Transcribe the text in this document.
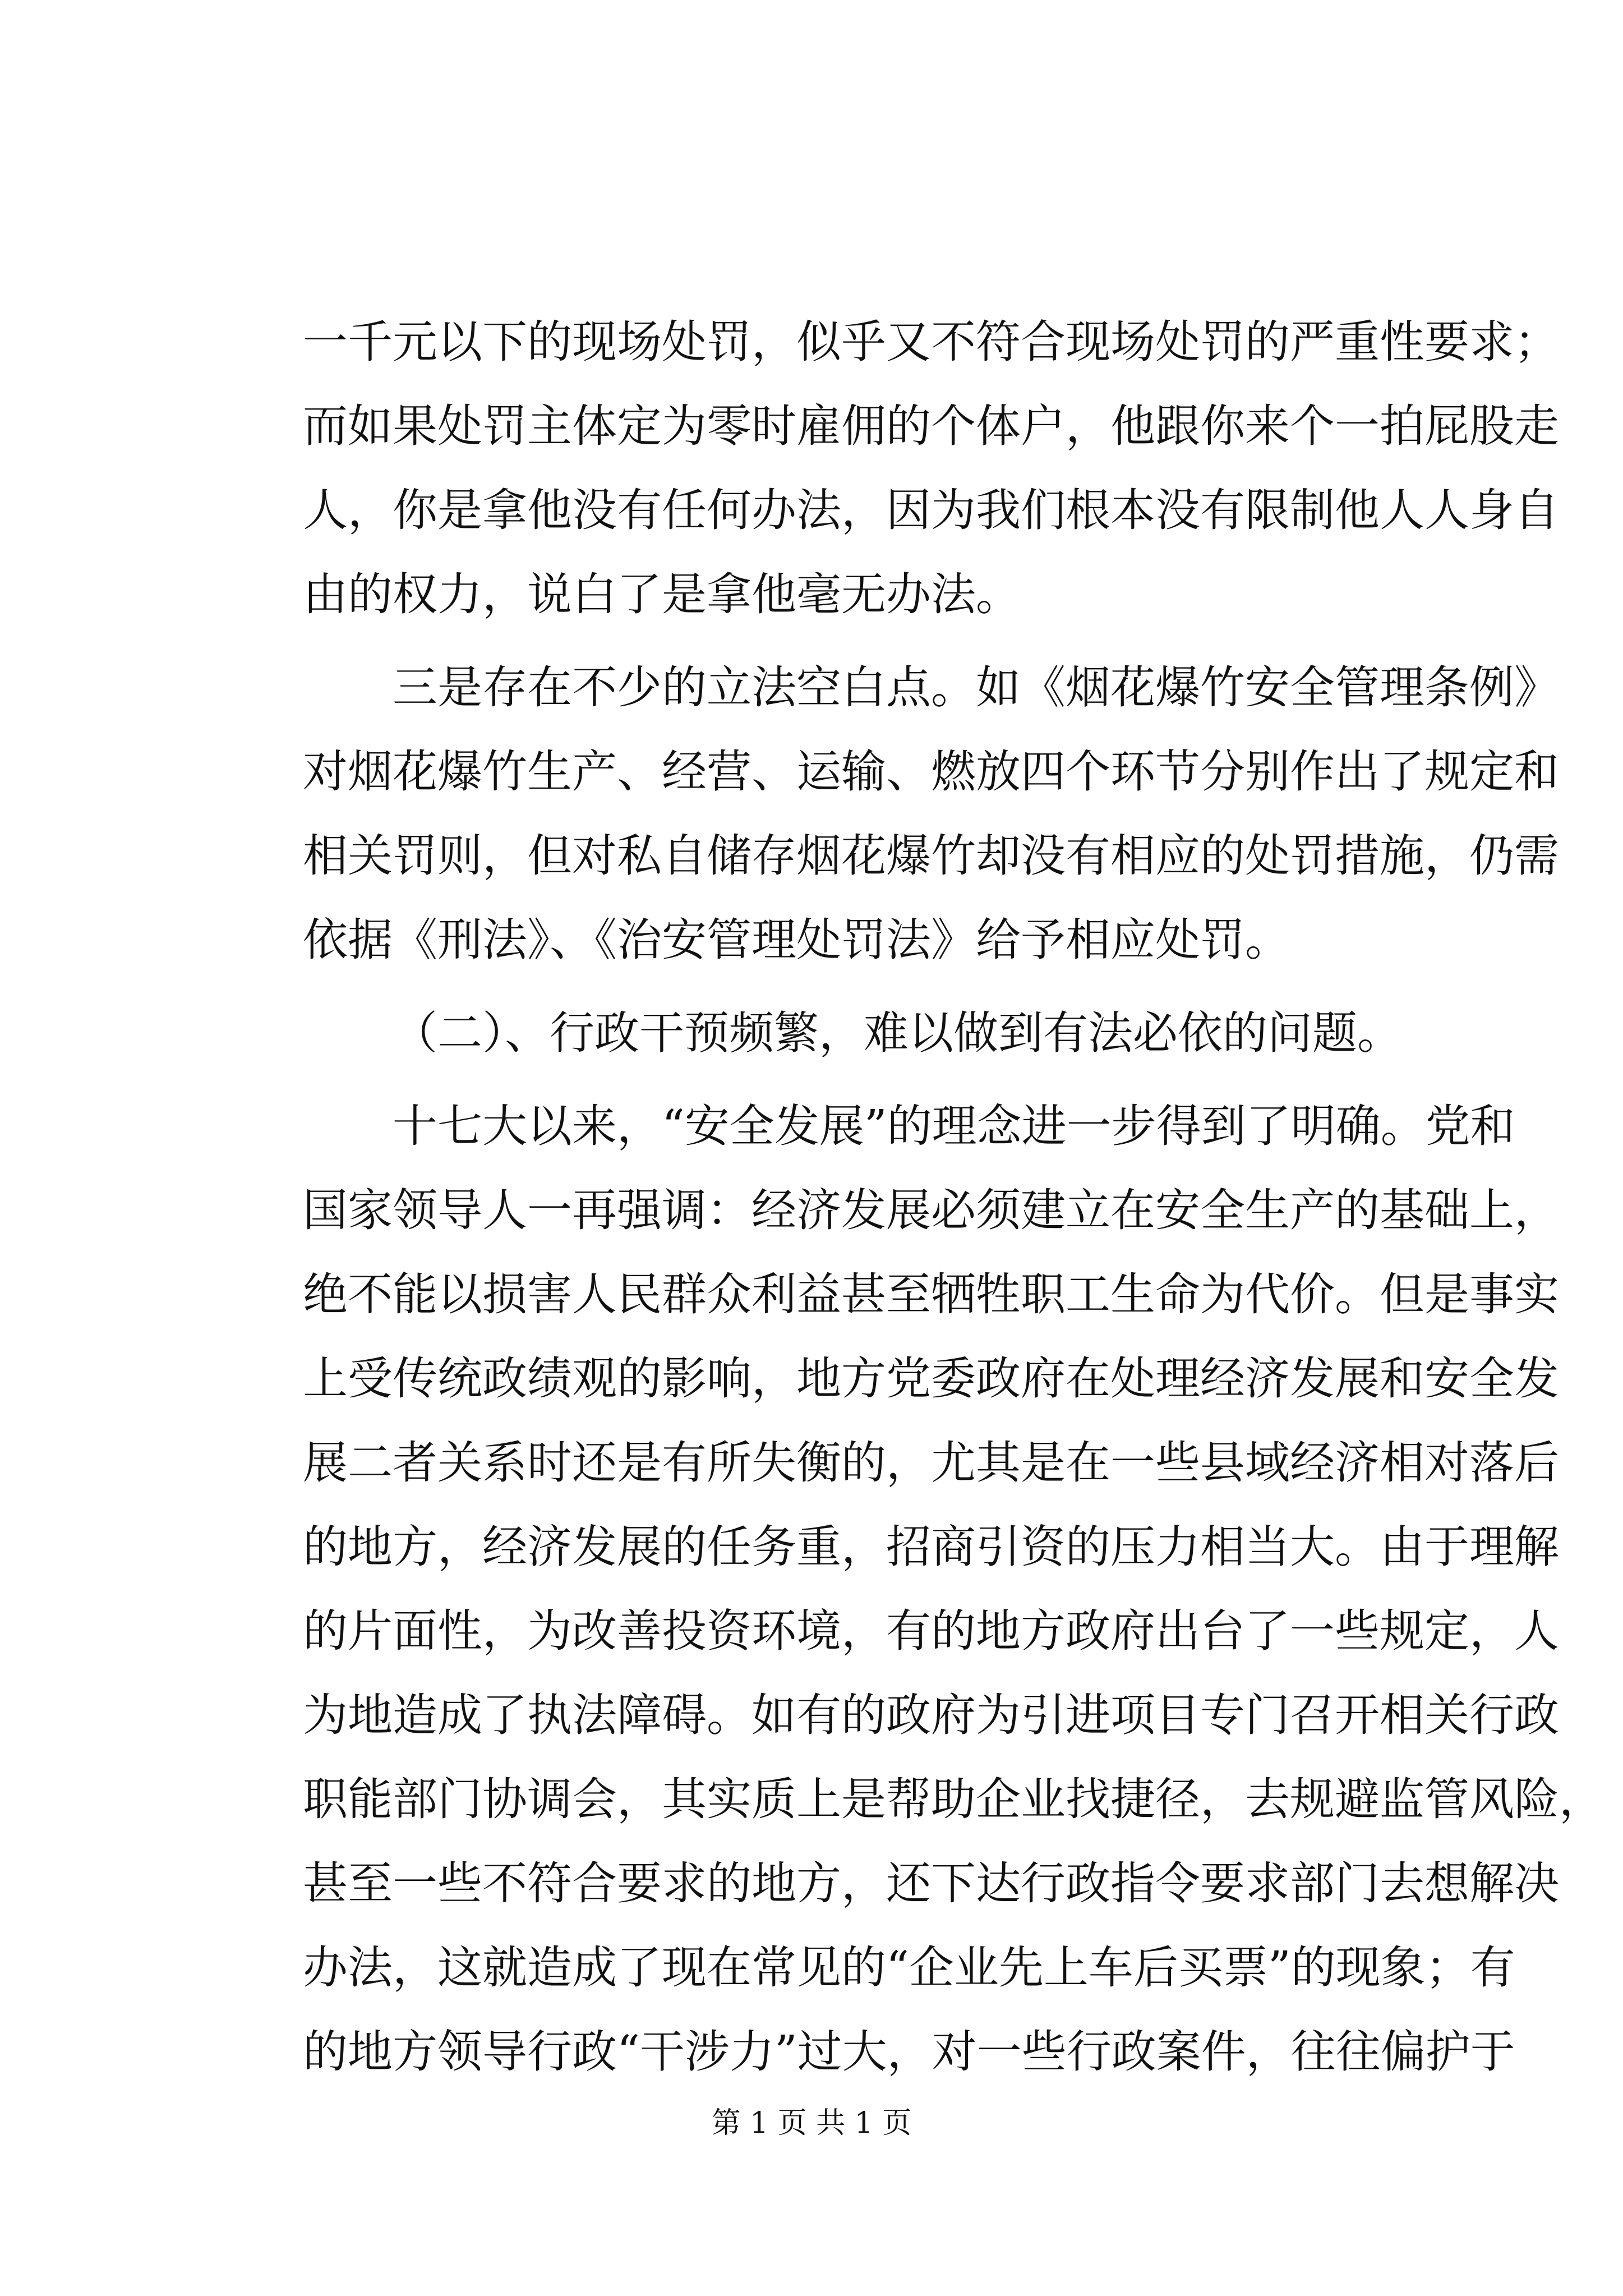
一千元以下的现场处罚，似乎又不符合现场处罚的严重性要求；
而如果处罚主体定为零时雇佣的个体户，他跟你来个一拍屁股走
人，你是拿他没有任何办法，因为我们根本没有限制他人人身自
由的权力，说白了是拿他毫无办法。
三是存在不少的立法空白点。如《烟花爆竹安全管理条例》
对烟花爆竹生产、经营、运输、燃放四个环节分别作出了规定和
相关罚则，但对私自储存烟花爆竹却没有相应的处罚措施，仍需
依据《刑法》、《治安管理处罚法》给予相应处罚。
（二）、行政干预频繁，难以做到有法必依的问题。
十七大以来，“安全发展”的理念进一步得到了明确。党和
国家领导人一再强调：经济发展必须建立在安全生产的基础上，
绝不能以损害人民群众利益甚至牺牲职工生命为代价。但是事实
上受传统政绩观的影响，地方党委政府在处理经济发展和安全发
展二者关系时还是有所失衡的，尤其是在一些县域经济相对落后
的地方，经济发展的任务重，招商引资的压力相当大。由于理解
的片面性，为改善投资环境，有的地方政府出台了一些规定，人
为地造成了执法障碍。如有的政府为引进项目专门召开相关行政
职能部门协调会，其实质上是帮助企业找捷径，去规避监管风险，
甚至一些不符合要求的地方，还下达行政指令要求部门去想解决
办法，这就造成了现在常见的“企业先上车后买票”的现象；有
的地方领导行政“干涉力”过大，对一些行政案件，往往偏护于
第 1 页 共 1 页
